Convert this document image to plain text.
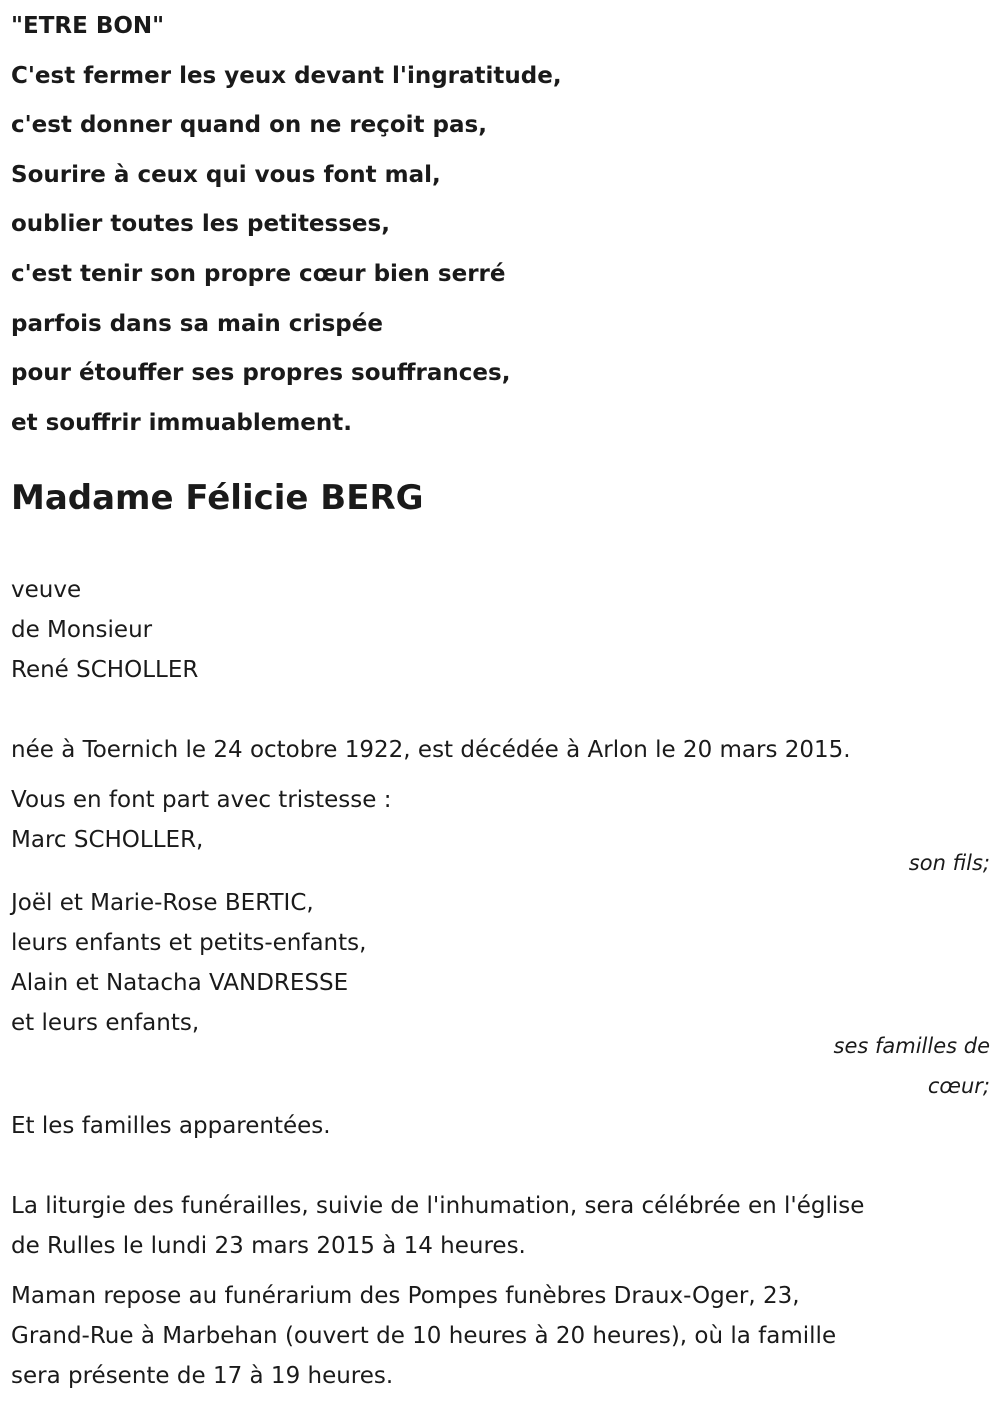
"ETRE BON"
C'est fermer les yeux devant l'ingratitude,
c'est donner quand on ne reçoit pas,
Sourire à ceux qui vous font mal,
oublier toutes les petitesses,
c'est tenir son propre cœur bien serré
parfois dans sa main crispée
pour étouffer ses propres souffrances,
et souffrir immuablement.
Madame Félicie BERG
veuve
de Monsieur
René SCHOLLER
née à Toernich le 24 octobre 1922, est décédée à Arlon le 20 mars 2015.
Vous en font part avec tristesse :
Marc SCHOLLER,
son fils;
Joël et Marie-Rose BERTIC,
leurs enfants et petits-enfants,
Alain et Natacha VANDRESSE
et leurs enfants,
ses familles de
cœur;
Et les familles apparentées.
La liturgie des funérailles, suivie de l'inhumation, sera célébrée en l'église
de Rulles le lundi 23 mars 2015 à 14 heures.
Maman repose au funérarium des Pompes funèbres Draux-Oger, 23,
Grand-Rue à Marbehan (ouvert de 10 heures à 20 heures), où la famille
sera présente de 17 à 19 heures.
